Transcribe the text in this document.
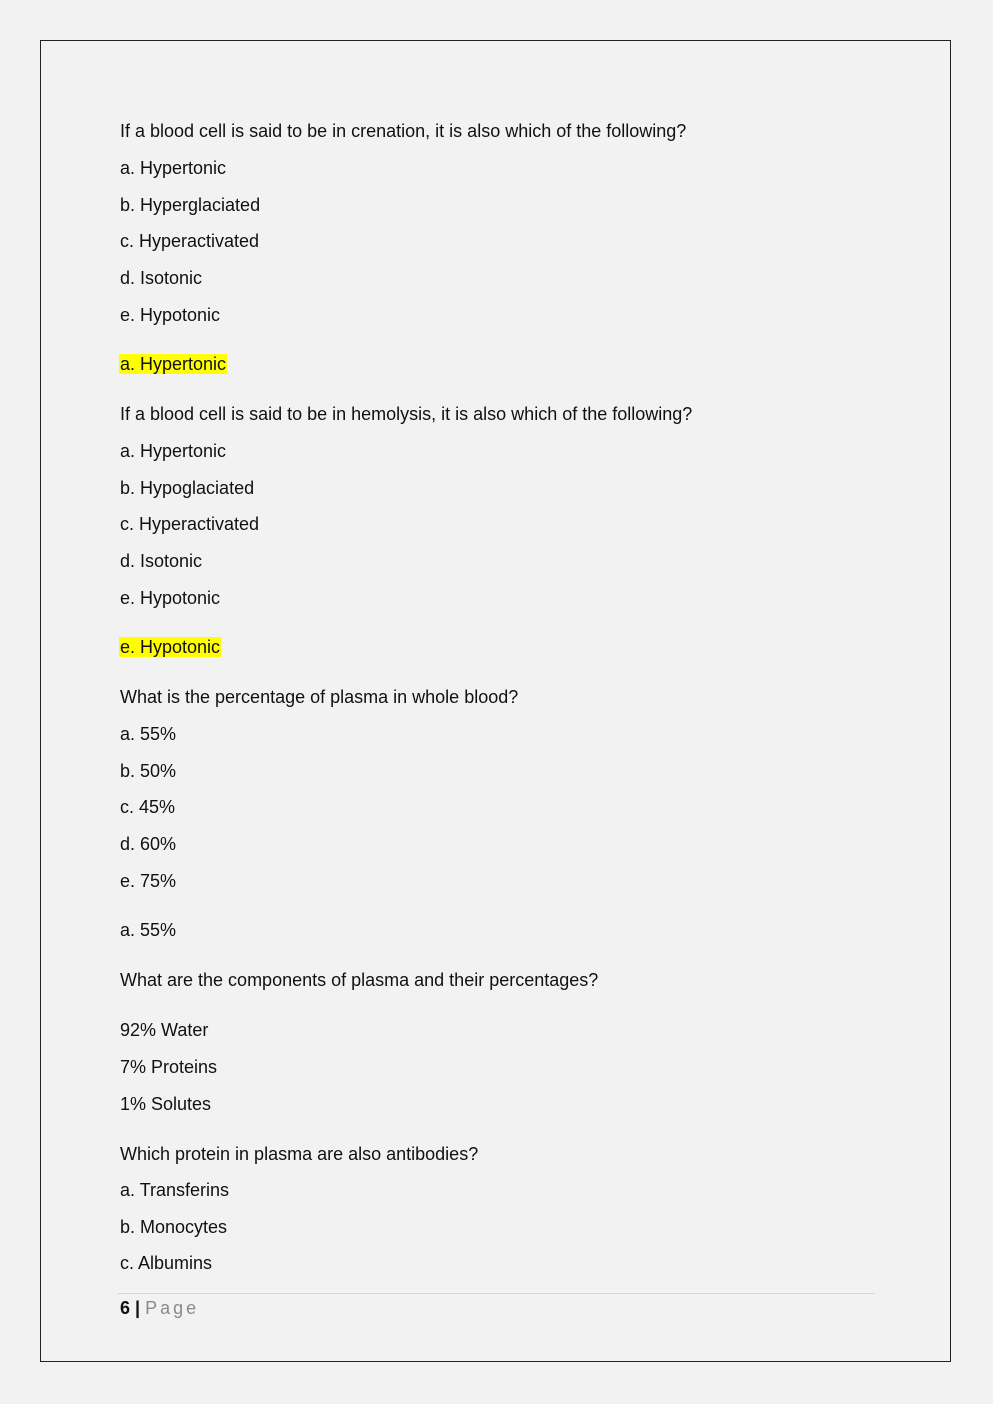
If a blood cell is said to be in crenation, it is also which of the following?
a. Hypertonic
b. Hyperglaciated
c. Hyperactivated
d. Isotonic
e. Hypotonic
a. Hypertonic
If a blood cell is said to be in hemolysis, it is also which of the following?
a. Hypertonic
b. Hypoglaciated
c. Hyperactivated
d. Isotonic
e. Hypotonic
e. Hypotonic
What is the percentage of plasma in whole blood?
a. 55%
b. 50%
c. 45%
d. 60%
e. 75%
a. 55%
What are the components of plasma and their percentages?
92% Water
7% Proteins
1% Solutes
Which protein in plasma are also antibodies?
a. Transferins
b. Monocytes
c. Albumins
6 | Page
